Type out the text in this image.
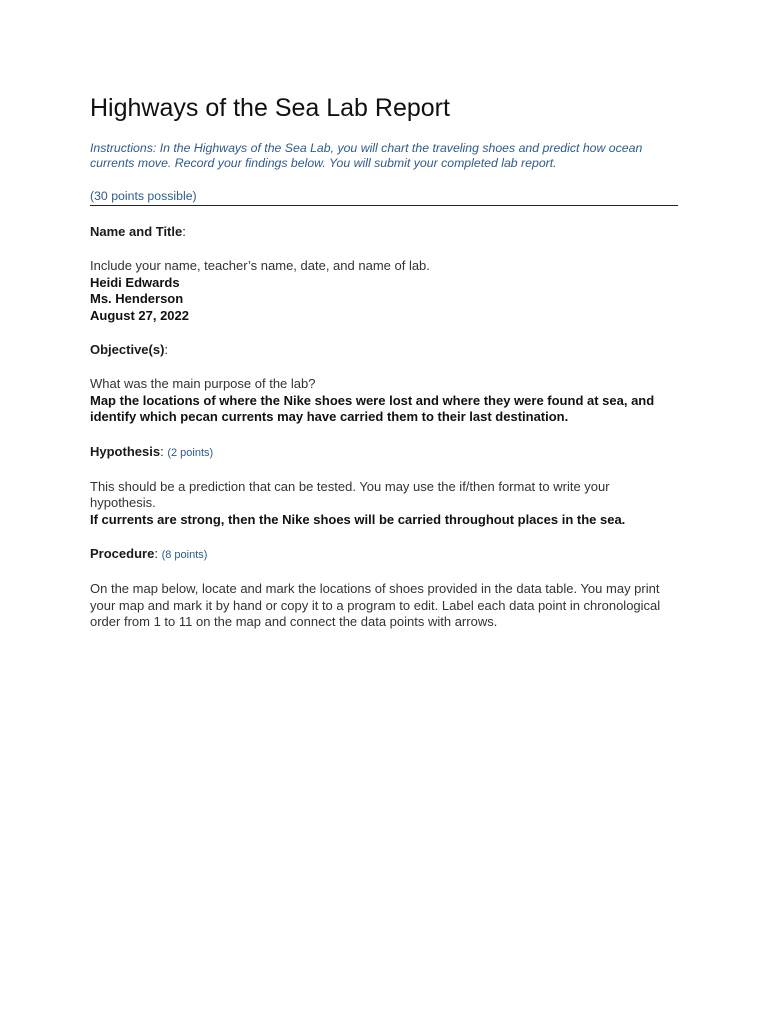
Highways of the Sea Lab Report
Instructions: In the Highways of the Sea Lab, you will chart the traveling shoes and predict how ocean currents move. Record your findings below. You will submit your completed lab report.
(30 points possible)
Name and Title:
Include your name, teacher’s name, date, and name of lab.
Heidi Edwards
Ms. Henderson
August 27, 2022
Objective(s):
What was the main purpose of the lab?
Map the locations of where the Nike shoes were lost and where they were found at sea, and identify which pecan currents may have carried them to their last destination.
Hypothesis: (2 points)
This should be a prediction that can be tested. You may use the if/then format to write your hypothesis.
If currents are strong, then the Nike shoes will be carried throughout places in the sea.
Procedure: (8 points)
On the map below, locate and mark the locations of shoes provided in the data table. You may print your map and mark it by hand or copy it to a program to edit. Label each data point in chronological order from 1 to 11 on the map and connect the data points with arrows.
